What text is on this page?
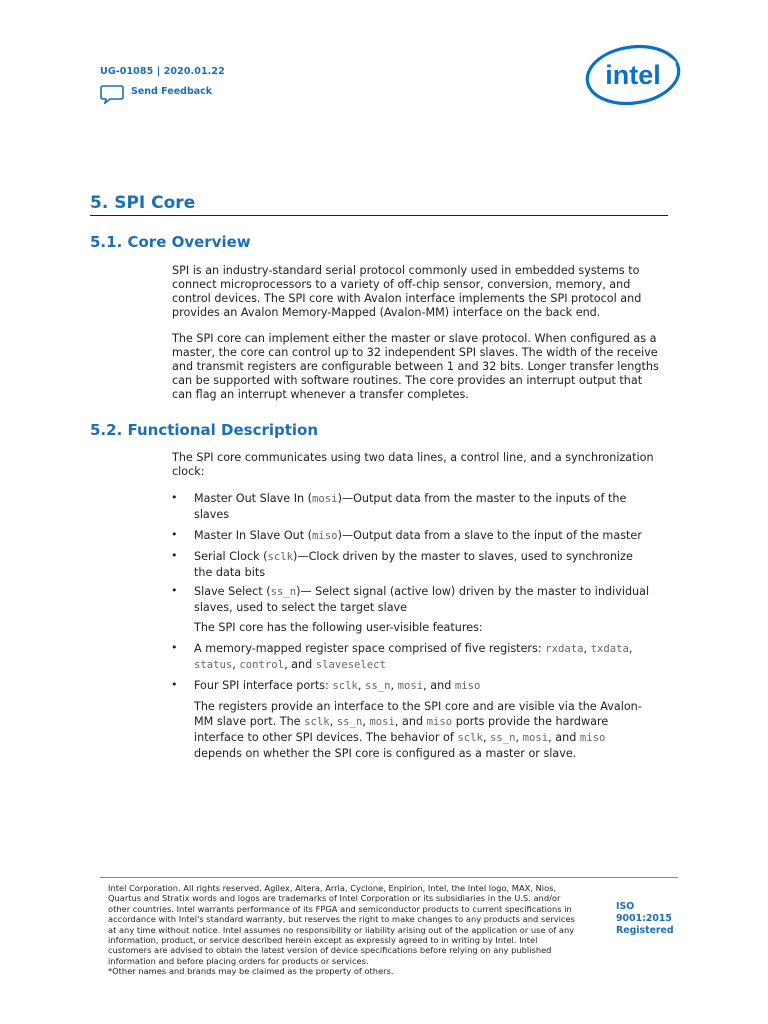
UG-01085 | 2020.01.22
Send Feedback
intel
5. SPI Core
5.1. Core Overview
SPI is an industry-standard serial protocol commonly used in embedded systems to
connect microprocessors to a variety of off-chip sensor, conversion, memory, and
control devices. The SPI core with Avalon interface implements the SPI protocol and
provides an Avalon Memory-Mapped (Avalon-MM) interface on the back end.
The SPI core can implement either the master or slave protocol. When configured as a
master, the core can control up to 32 independent SPI slaves. The width of the receive
and transmit registers are configurable between 1 and 32 bits. Longer transfer lengths
can be supported with software routines. The core provides an interrupt output that
can flag an interrupt whenever a transfer completes.
5.2. Functional Description
The SPI core communicates using two data lines, a control line, and a synchronization
clock:
• Master Out Slave In (mosi)—Output data from the master to the inputs of the
slaves
• Master In Slave Out (miso)—Output data from a slave to the input of the master
• Serial Clock (sclk)—Clock driven by the master to slaves, used to synchronize
the data bits
• Slave Select (ss_n)— Select signal (active low) driven by the master to individual
slaves, used to select the target slave
The SPI core has the following user-visible features:
• A memory-mapped register space comprised of five registers: rxdata, txdata,
status, control, and slaveselect
• Four SPI interface ports: sclk, ss_n, mosi, and miso
The registers provide an interface to the SPI core and are visible via the Avalon-
MM slave port. The sclk, ss_n, mosi, and miso ports provide the hardware
interface to other SPI devices. The behavior of sclk, ss_n, mosi, and miso
depends on whether the SPI core is configured as a master or slave.
Intel Corporation. All rights reserved. Agilex, Altera, Arria, Cyclone, Enpirion, Intel, the Intel logo, MAX, Nios,
Quartus and Stratix words and logos are trademarks of Intel Corporation or its subsidiaries in the U.S. and/or
other countries. Intel warrants performance of its FPGA and semiconductor products to current specifications in
accordance with Intel's standard warranty, but reserves the right to make changes to any products and services
at any time without notice. Intel assumes no responsibility or liability arising out of the application or use of any
information, product, or service described herein except as expressly agreed to in writing by Intel. Intel
customers are advised to obtain the latest version of device specifications before relying on any published
information and before placing orders for products or services.
*Other names and brands may be claimed as the property of others.
ISO
9001:2015
Registered
